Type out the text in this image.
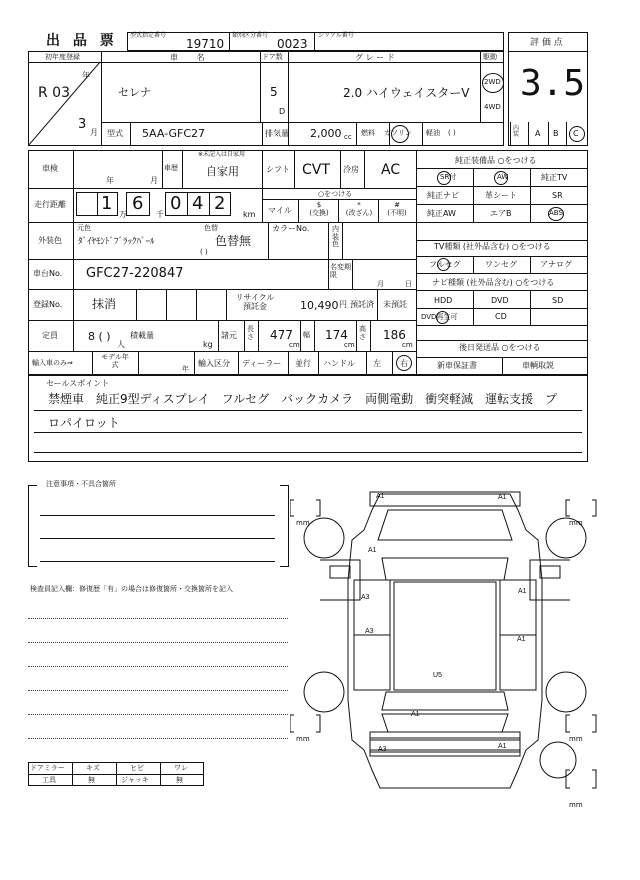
出 品 票 型式指定番号
19710
類別区分番号
0023
シリアル番号
評 価 点
3.5
初年度登録
R 03
年
3
月
車 名
セレナ
ドア数
5
D
グ レ ー ド
2.0 ハイウェイスターV
駆動
2WD
4WD
型式 5AA-GFC27	排気量 2,000 cc 燃料 ガソリン 軽油 ( )
内装	A B C
車検
年	月
車歴
※未記入は自家用
自家用	シフト CVT 冷房 AC
走行距離 1 6
万	千
0 4 2
km
○をつける
マイル
$
(交換)
*
(改ざん)
#
(不明)
外装色
元色
ﾀﾞｲﾔﾓﾝﾄﾞﾌﾞﾗｯｸﾊﾟｰﾙ
色替
色替無
( )
カラーNo.	内装色
車台No. GFC27-220847	名変期限
月	日
登録No. 抹消	リサイクル預託金	10,490 円 預託済 未預託
定員	8 ( )
人
積載量
kg
諸元
長さ 477
cm
幅 174
cm
高さ 186
cm
輸入車のみ⇒
モデル年式
年
輸入区分 ディーラー 並行 ハンドル 左 右
純正装備品 ○をつける
SR付	AW	純正TV
純正ナビ	革シート	SR
純正AW	エアB	ABS
TV種類 (社外品含む) ○をつける
フルセグ	ワンセグ	アナログ
ナビ種類 (社外品含む) ○をつける
HDD	DVD	SD
DVD再生可	CD
後日発送品 ○をつける
新車保証書	車輌取説
セールスポイント
禁煙車　純正9型ディスプレイ　フルセグ　バックカメラ　両側電動　衝突軽減　運転支援　プ
ロパイロット
注意事項・不具合箇所
検査員記入欄：修復歴「有」の場合は修復箇所・交換箇所を記入
ドアミラー	キズ	ヒビ	ワレ
工具	無	ジャッキ	無
A1	A1
A3
A1
A3
A1
U5
A1
A3	A1
A1
mm	mm
mm	mm
mm
